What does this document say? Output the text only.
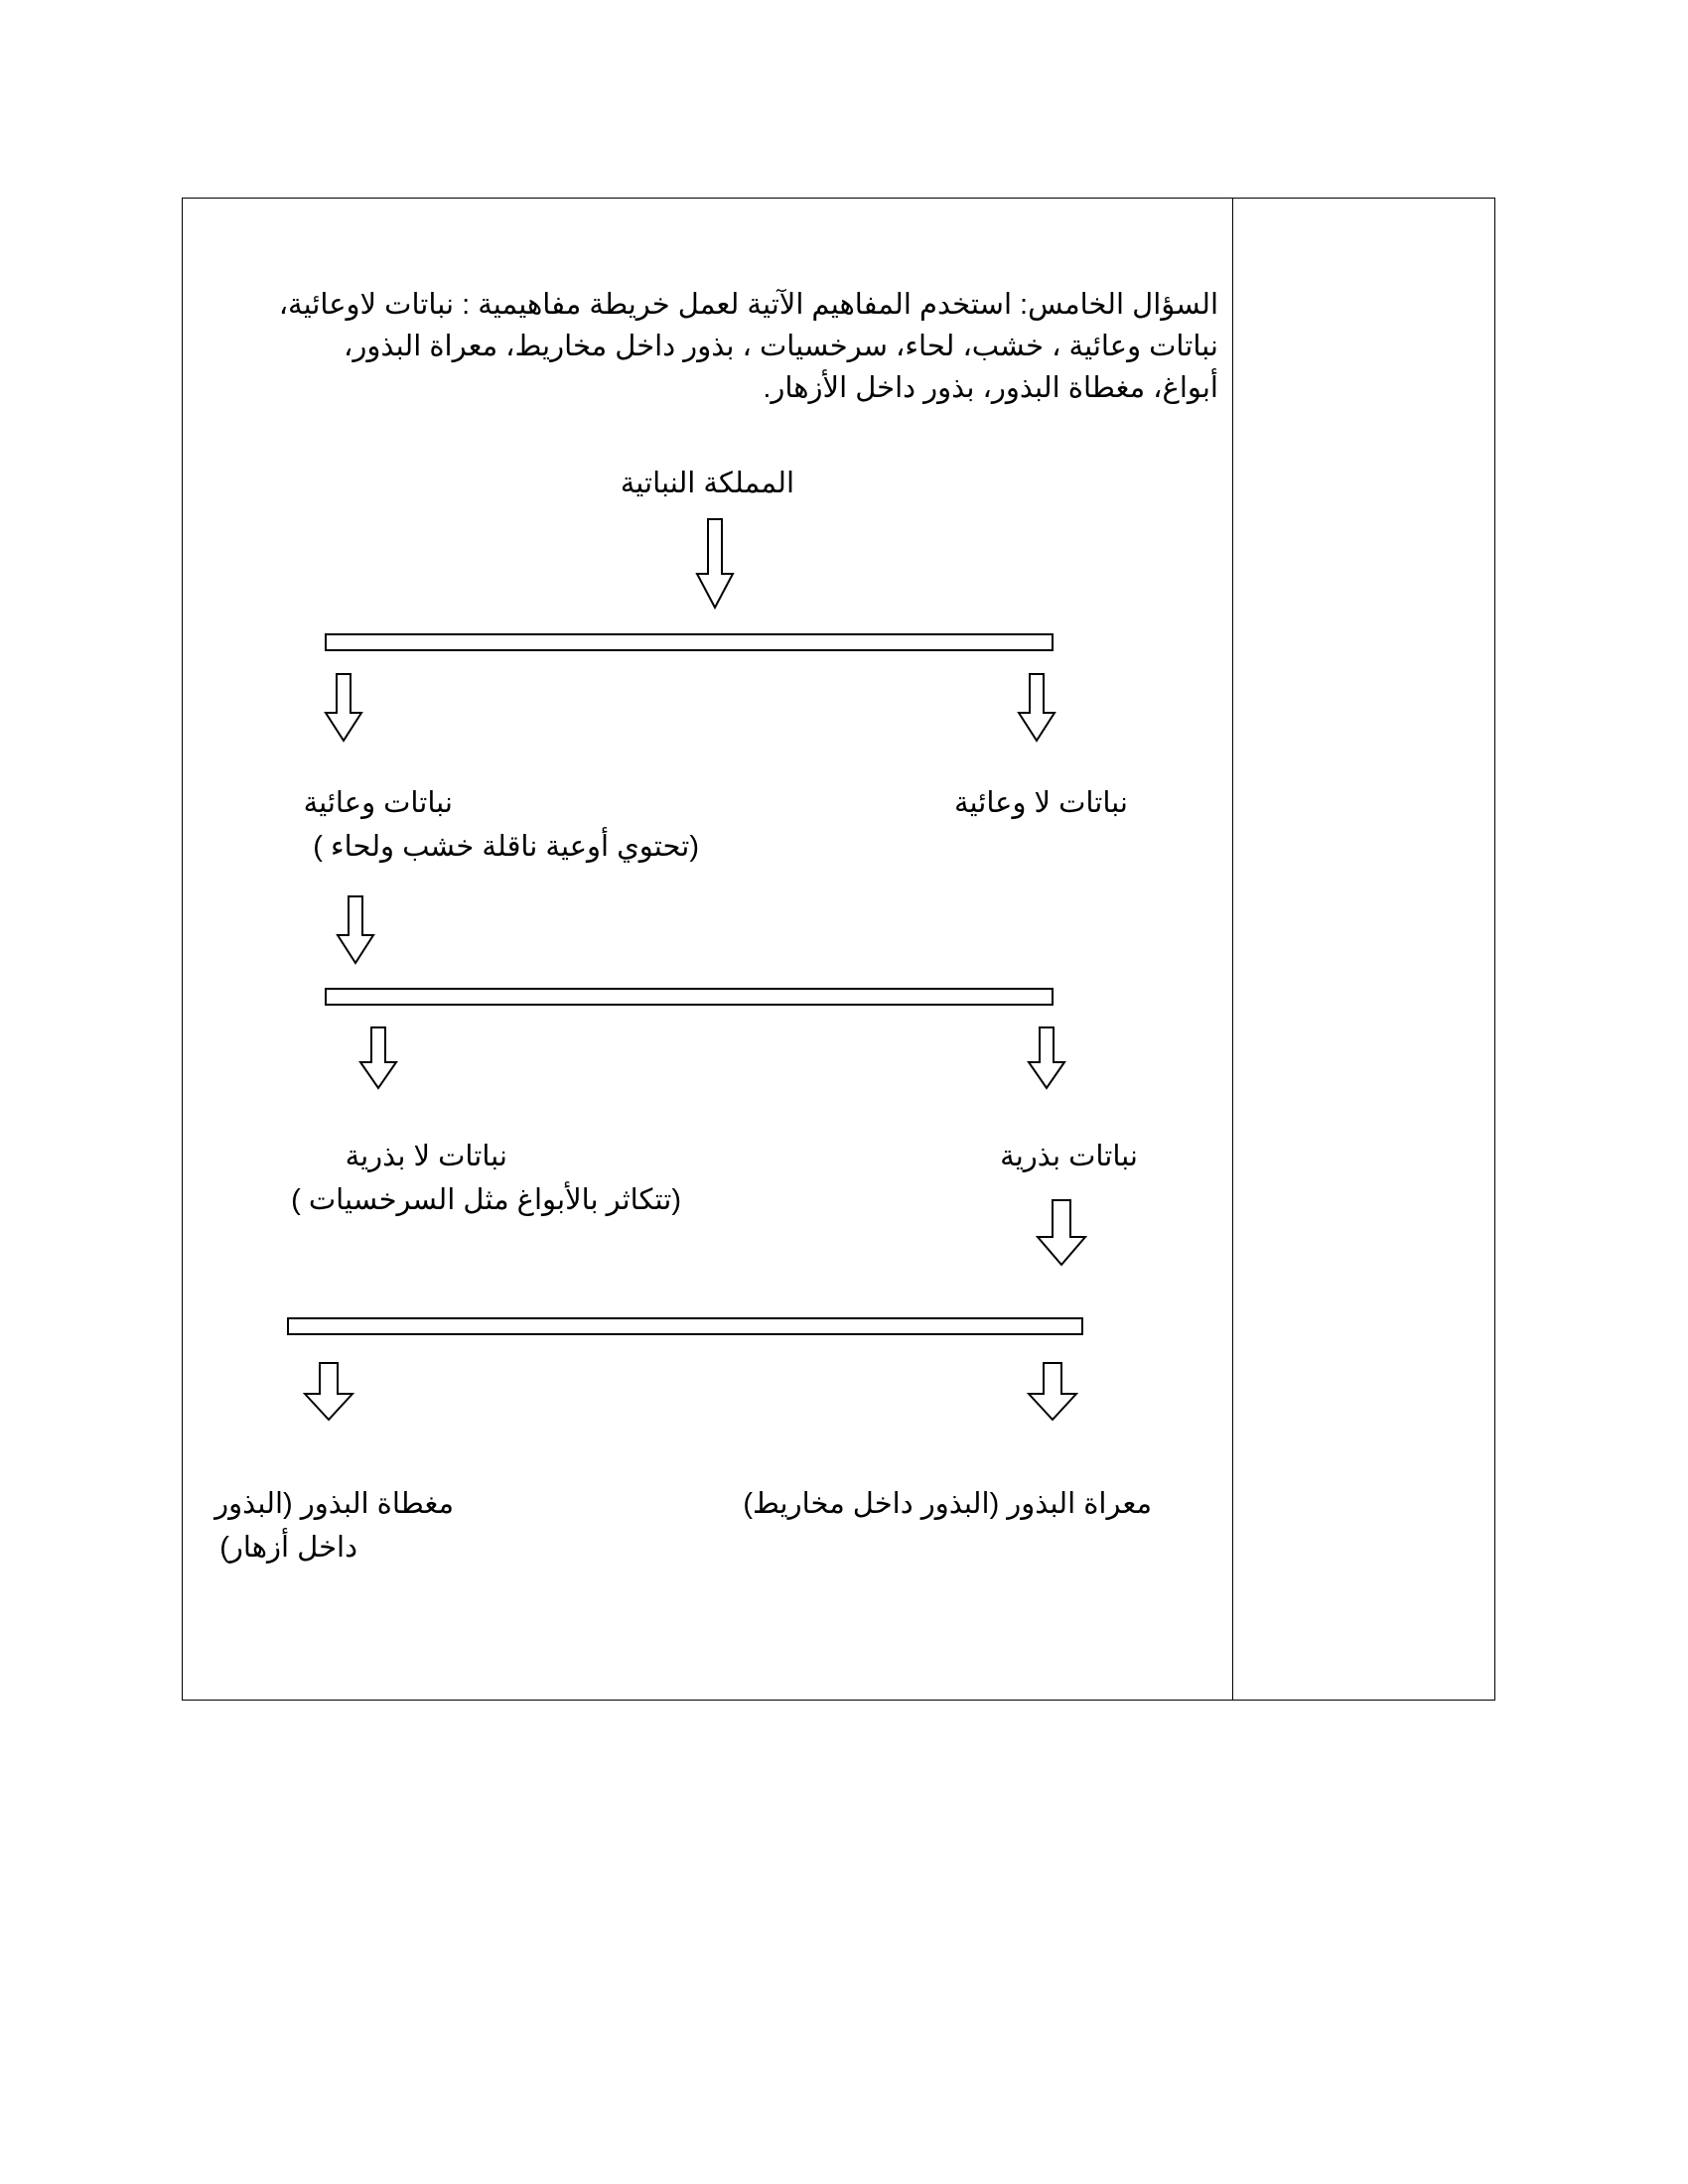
السؤال الخامس: استخدم المفاهيم الآتية لعمل خريطة مفاهيمية : نباتات لاوعائية،
نباتات وعائية ، خشب، لحاء، سرخسيات ، بذور داخل مخاريط، معراة البذور،
أبواغ، مغطاة البذور، بذور داخل الأزهار.
المملكة النباتية
نباتات لا وعائية
نباتات وعائية
(تحتوي أوعية ناقلة خشب ولحاء )
نباتات بذرية
نباتات لا بذرية
(تتكاثر بالأبواغ مثل السرخسيات )
معراة البذور (البذور داخل مخاريط)
مغطاة البذور (البذور
داخل أزهار)
